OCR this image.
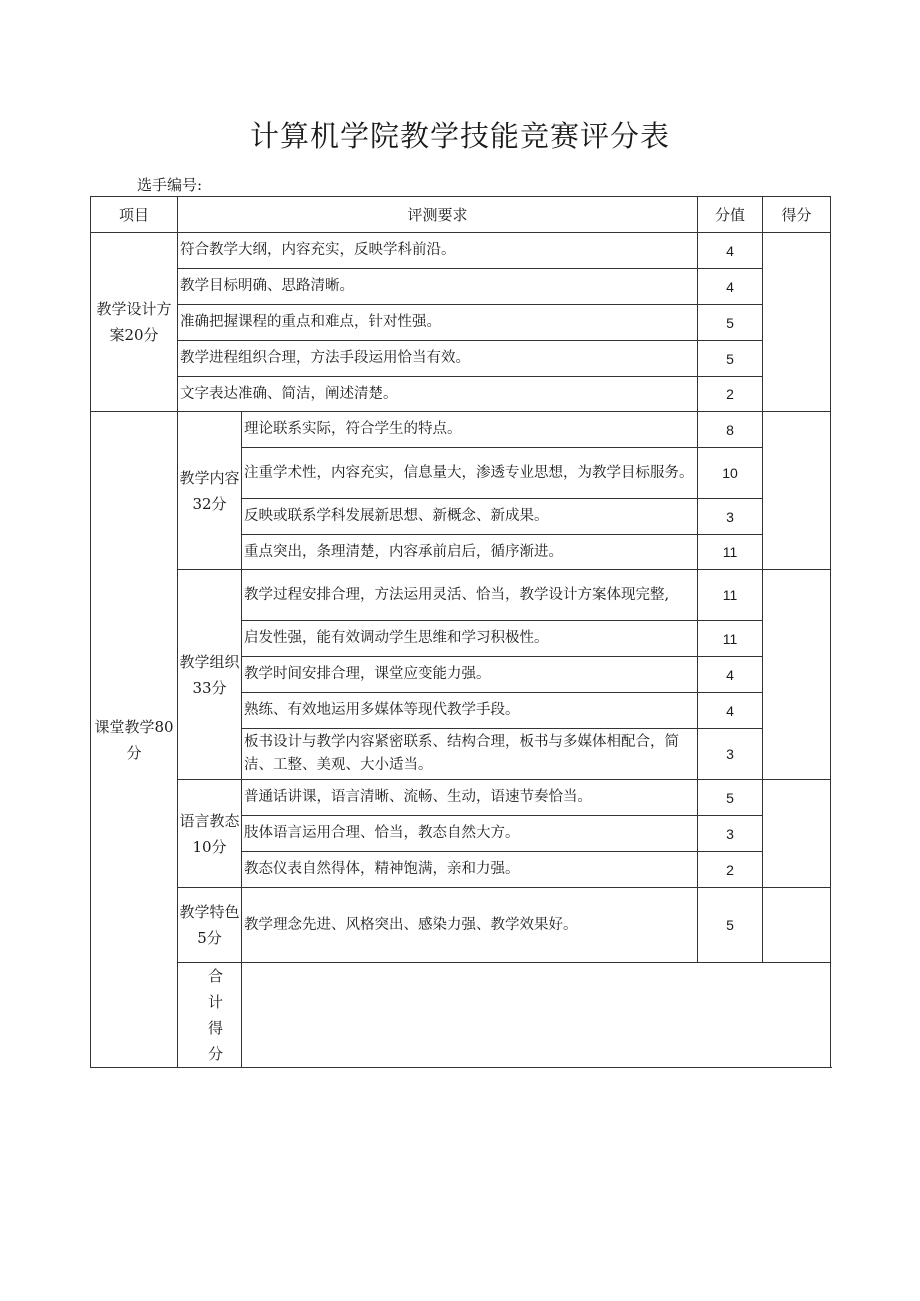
计算机学院教学技能竞赛评分表
选手编号:
项目	评测要求		分值	得分
教学设计方案20分	符合教学大纲，内容充实，反映学科前沿。		4	
	教学目标明确、思路清晰。		4	
	准确把握课程的重点和难点，针对性强。		5	
	教学进程组织合理，方法手段运用恰当有效。		5	
	文字表达准确、简洁，阐述清楚。		2	
课堂教学80分	教学内容32分	理论联系实际，符合学生的特点。	8	
		注重学术性，内容充实，信息量大，渗透专业思想，为教学目标服务。	10	
		反映或联系学科发展新思想、新概念、新成果。	3	
		重点突出，条理清楚，内容承前启后，循序渐进。	11	
	教学组织33分	教学过程安排合理，方法运用灵活、恰当，教学设计方案体现完整,	11	
		启发性强，能有效调动学生思维和学习积极性。	11	
		教学时间安排合理，课堂应变能力强。	4	
		熟练、有效地运用多媒体等现代教学手段。	4	
		板书设计与教学内容紧密联系、结构合理，板书与多媒体相配合，简洁、工整、美观、大小适当。	3	
	语言教态10分	普通话讲课，语言清晰、流畅、生动，语速节奏恰当。	5	
		肢体语言运用合理、恰当，教态自然大方。	3	
		教态仪表自然得体，精神饱满，亲和力强。	2	
	教学特色5分	教学理念先进、风格突出、感染力强、教学效果好。	5	
	合计得分			
